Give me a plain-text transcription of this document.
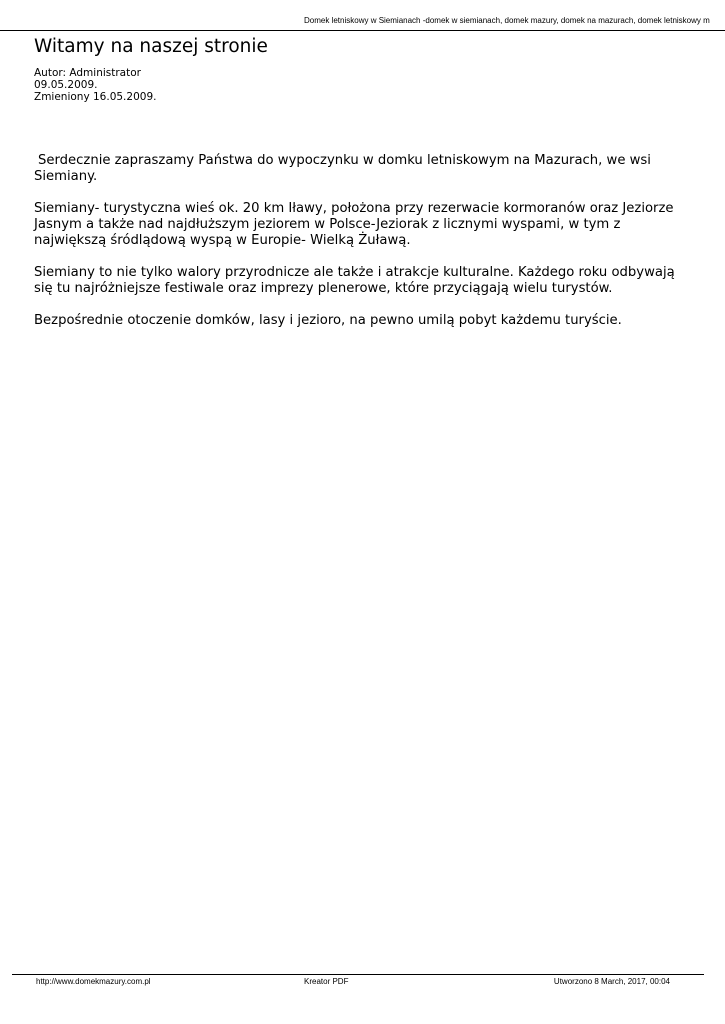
Domek letniskowy w Siemianach -domek w siemianach, domek mazury, domek na mazurach, domek letniskowy m
Witamy na naszej stronie
Autor: Administrator
09.05.2009.
Zmieniony 16.05.2009.

Serdecznie zapraszamy Państwa do wypoczynku w domku letniskowym na Mazurach, we wsi Siemiany.

Siemiany- turystyczna wieś ok. 20 km Iławy, położona przy rezerwacie kormoranów oraz Jeziorze Jasnym a także nad najdłuższym jeziorem w Polsce-Jeziorak z licznymi wyspami, w tym z największą śródlądową wyspą w Europie- Wielką Żuławą.

Siemiany to nie tylko walory przyrodnicze ale także i atrakcje kulturalne. Każdego roku odbywają się tu najróżniejsze festiwale oraz imprezy plenerowe, które przyciągają wielu turystów.

Bezpośrednie otoczenie domków, lasy i jezioro, na pewno umilą pobyt każdemu turyście.

http://www.domekmazury.com.pl	Kreator PDF	Utworzono 8 March, 2017, 00:04
